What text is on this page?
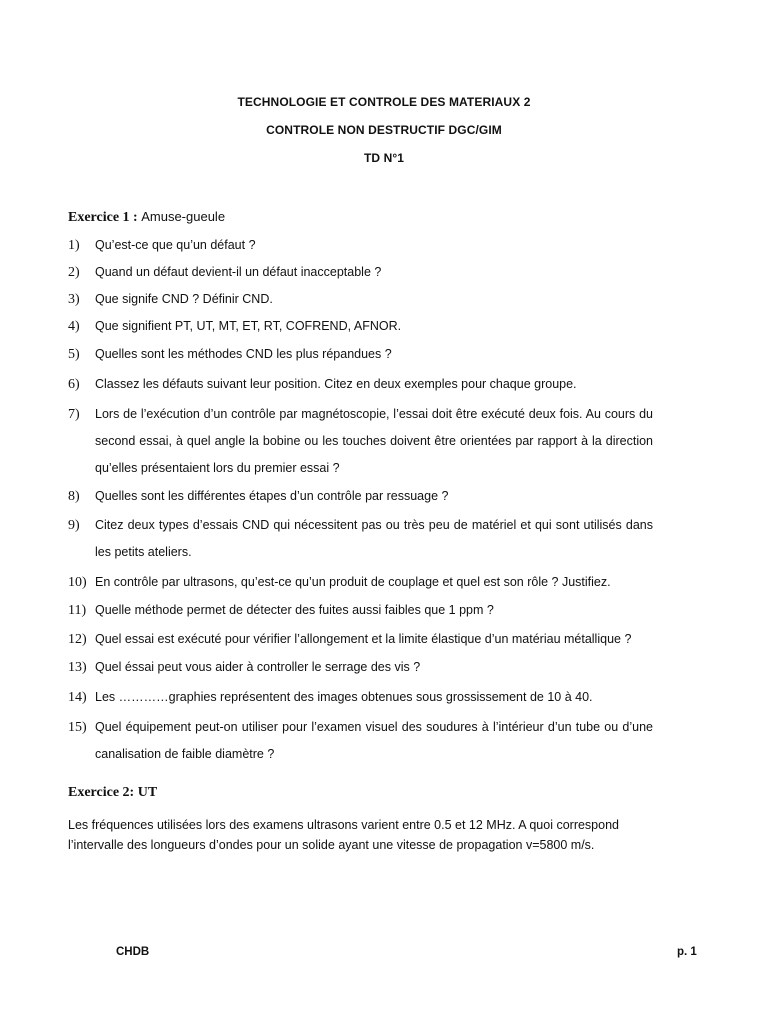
TECHNOLOGIE ET CONTROLE DES MATERIAUX 2
CONTROLE NON DESTRUCTIF DGC/GIM
TD N°1
Exercice 1 : Amuse-gueule
1)	Qu’est-ce que qu’un défaut ?
2)	Quand un défaut devient-il un défaut inacceptable ?
3)	Que signife CND ? Définir CND.
4)	Que signifient PT, UT, MT, ET, RT, COFREND, AFNOR.
5)	Quelles sont les méthodes CND les plus répandues ?
6)	Classez les défauts suivant leur position. Citez en deux exemples pour chaque groupe.
7)	Lors de l’exécution d’un contrôle par magnétoscopie, l’essai doit être exécuté deux fois. Au cours du second essai, à quel angle la bobine ou les touches doivent être orientées par rapport à la direction qu’elles présentaient lors du premier essai ?
8)	Quelles sont les différentes étapes d’un contrôle par ressuage ?
9)	Citez deux types d’essais CND qui nécessitent pas ou très peu de matériel et qui sont utilisés dans les petits ateliers.
10) En contrôle par ultrasons, qu’est-ce qu’un produit de couplage et quel est son rôle ? Justifiez.
11) Quelle méthode permet de détecter des fuites aussi faibles que 1 ppm ?
12) Quel essai est exécuté pour vérifier l’allongement et la limite élastique d’un matériau métallique ?
13) Quel éssai peut vous aider à controller le serrage des vis ?
14) Les …………graphies représentent des images obtenues sous grossissement de 10 à 40.
15) Quel équipement peut-on utiliser pour l’examen visuel des soudures à l’intérieur d’un tube ou d’une canalisation de faible diamètre ?
Exercice 2: UT
Les fréquences utilisées lors des examens ultrasons varient entre 0.5 et 12 MHz. A quoi correspond l’intervalle des longueurs d’ondes pour un solide ayant une vitesse de propagation v=5800 m/s.
CHDB	p. 1
